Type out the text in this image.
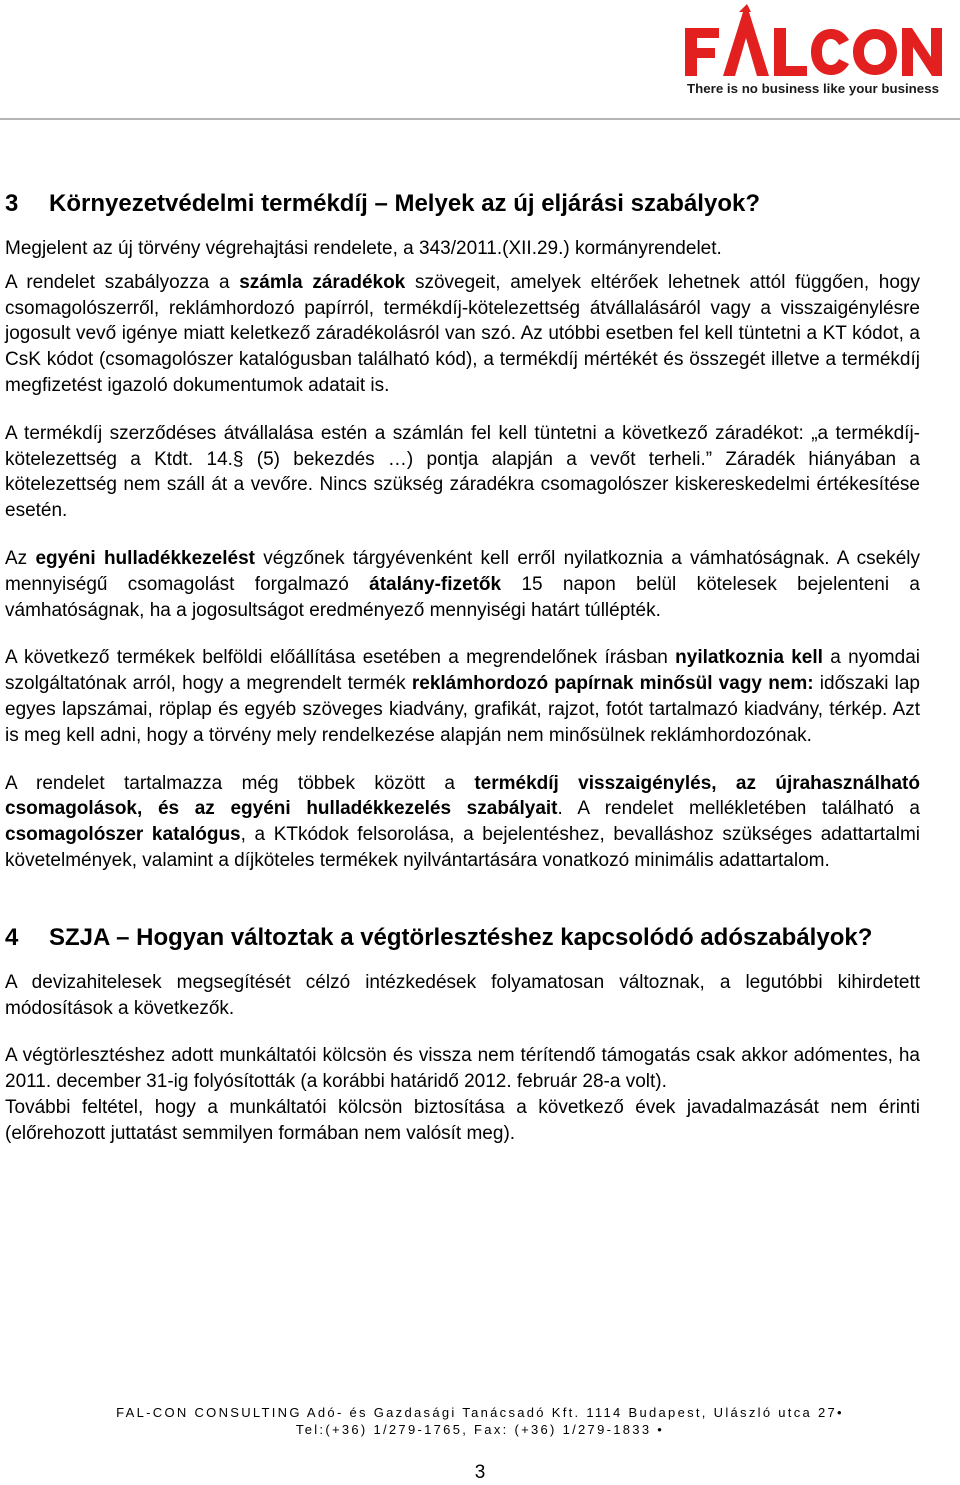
There is no business like your business
3	Környezetvédelmi termékdíj – Melyek az új eljárási szabályok?

Megjelent az új törvény végrehajtási rendelete, a 343/2011.(XII.29.) kormányrendelet.

A rendelet szabályozza a számla záradékok szövegeit, amelyek eltérőek lehetnek attól függően, hogy csomagolószerről, reklámhordozó papírról, termékdíj-kötelezettség átvállalásáról vagy a visszaigénylésre jogosult vevő igénye miatt keletkező záradékolásról van szó. Az utóbbi esetben fel kell tüntetni a KT kódot, a CsK kódot (csomagolószer katalógusban található kód), a termékdíj mértékét és összegét illetve a termékdíj megfizetést igazoló dokumentumok adatait is.

A termékdíj szerződéses átvállalása estén a számlán fel kell tüntetni a következő záradékot: „a termékdíj-kötelezettség a Ktdt. 14.§ (5) bekezdés …) pontja alapján a vevőt terheli.” Záradék hiányában a kötelezettség nem száll át a vevőre. Nincs szükség záradékra csomagolószer kiskereskedelmi értékesítése esetén.

Az egyéni hulladékkezelést végzőnek tárgyévenként kell erről nyilatkoznia a vámhatóságnak. A csekély mennyiségű csomagolást forgalmazó átalány-fizetők 15 napon belül kötelesek bejelenteni a vámhatóságnak, ha a jogosultságot eredményező mennyiségi határt túllépték.

A következő termékek belföldi előállítása esetében a megrendelőnek írásban nyilatkoznia kell a nyomdai szolgáltatónak arról, hogy a megrendelt termék reklámhordozó papírnak minősül vagy nem: időszaki lap egyes lapszámai, röplap és egyéb szöveges kiadvány, grafikát, rajzot, fotót tartalmazó kiadvány, térkép. Azt is meg kell adni, hogy a törvény mely rendelkezése alapján nem minősülnek reklámhordozónak.

A rendelet tartalmazza még többek között a termékdíj visszaigénylés, az újrahasználható csomagolások, és az egyéni hulladékkezelés szabályait. A rendelet mellékletében található a csomagolószer katalógus, a KTkódok felsorolása, a bejelentéshez, bevalláshoz szükséges adattartalmi követelmények, valamint a díjköteles termékek nyilvántartására vonatkozó minimális adattartalom.

4	SZJA – Hogyan változtak a végtörlesztéshez kapcsolódó adószabályok?

A devizahitelesek megsegítését célzó intézkedések folyamatosan változnak, a legutóbbi kihirdetett módosítások a következők.

A végtörlesztéshez adott munkáltatói kölcsön és vissza nem térítendő támogatás csak akkor adómentes, ha 2011. december 31-ig folyósították (a korábbi határidő 2012. február 28-a volt).

További feltétel, hogy a munkáltatói kölcsön biztosítása a következő évek javadalmazását nem érinti (előrehozott juttatást semmilyen formában nem valósít meg).

FAL-CON CONSULTING Adó- és Gazdasági Tanácsadó Kft. 1114 Budapest, Ulászló utca 27•
Tel:(+36) 1/279-1765, Fax: (+36) 1/279-1833 •
3
